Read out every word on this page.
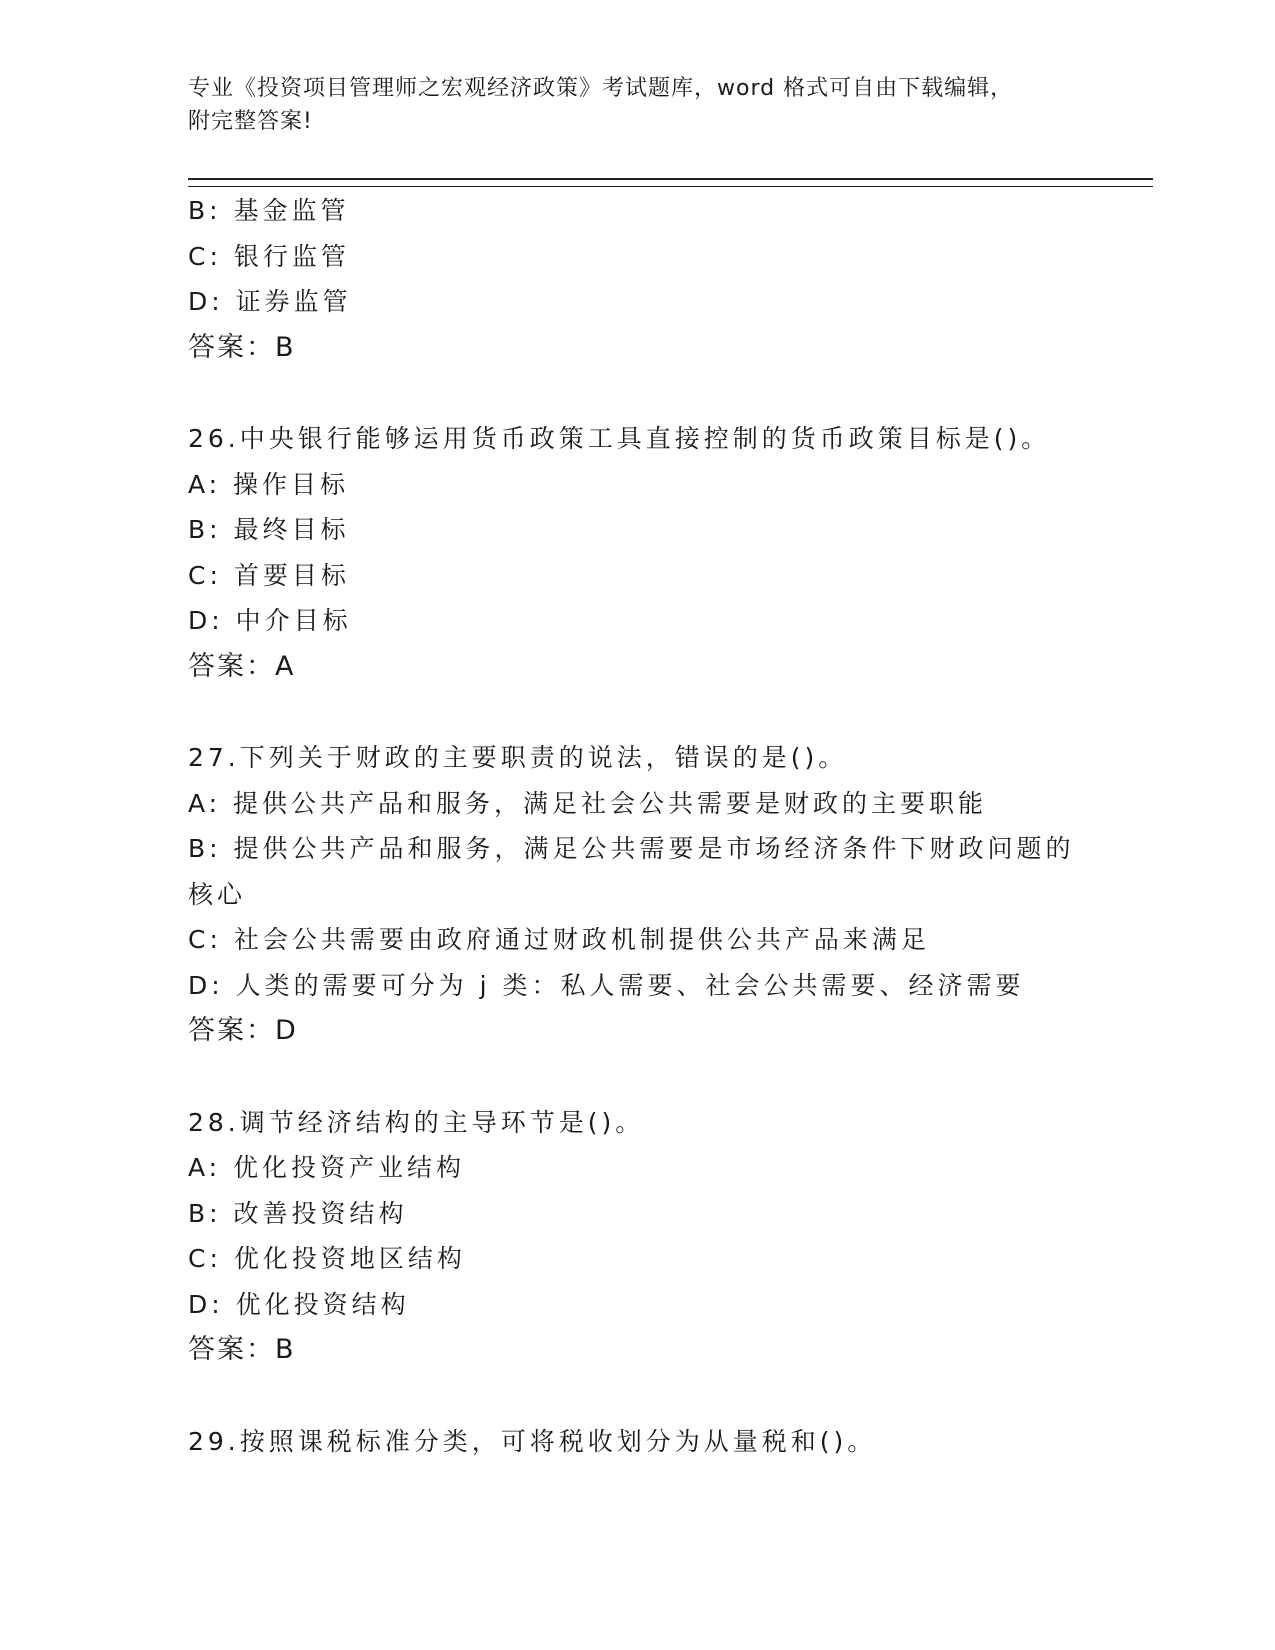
专业《投资项目管理师之宏观经济政策》考试题库，word 格式可自由下载编辑，
附完整答案!
B: 基金监管
C: 银行监管
D: 证券监管
答案：B
26.中央银行能够运用货币政策工具直接控制的货币政策目标是()。
A: 操作目标
B: 最终目标
C: 首要目标
D: 中介目标
答案：A
27.下列关于财政的主要职责的说法，错误的是()。
A: 提供公共产品和服务，满足社会公共需要是财政的主要职能
B: 提供公共产品和服务，满足公共需要是市场经济条件下财政问题的
核心
C: 社会公共需要由政府通过财政机制提供公共产品来满足
D: 人类的需要可分为 j 类：私人需要、社会公共需要、经济需要
答案：D
28.调节经济结构的主导环节是()。
A: 优化投资产业结构
B: 改善投资结构
C: 优化投资地区结构
D: 优化投资结构
答案：B
29.按照课税标准分类，可将税收划分为从量税和()。
